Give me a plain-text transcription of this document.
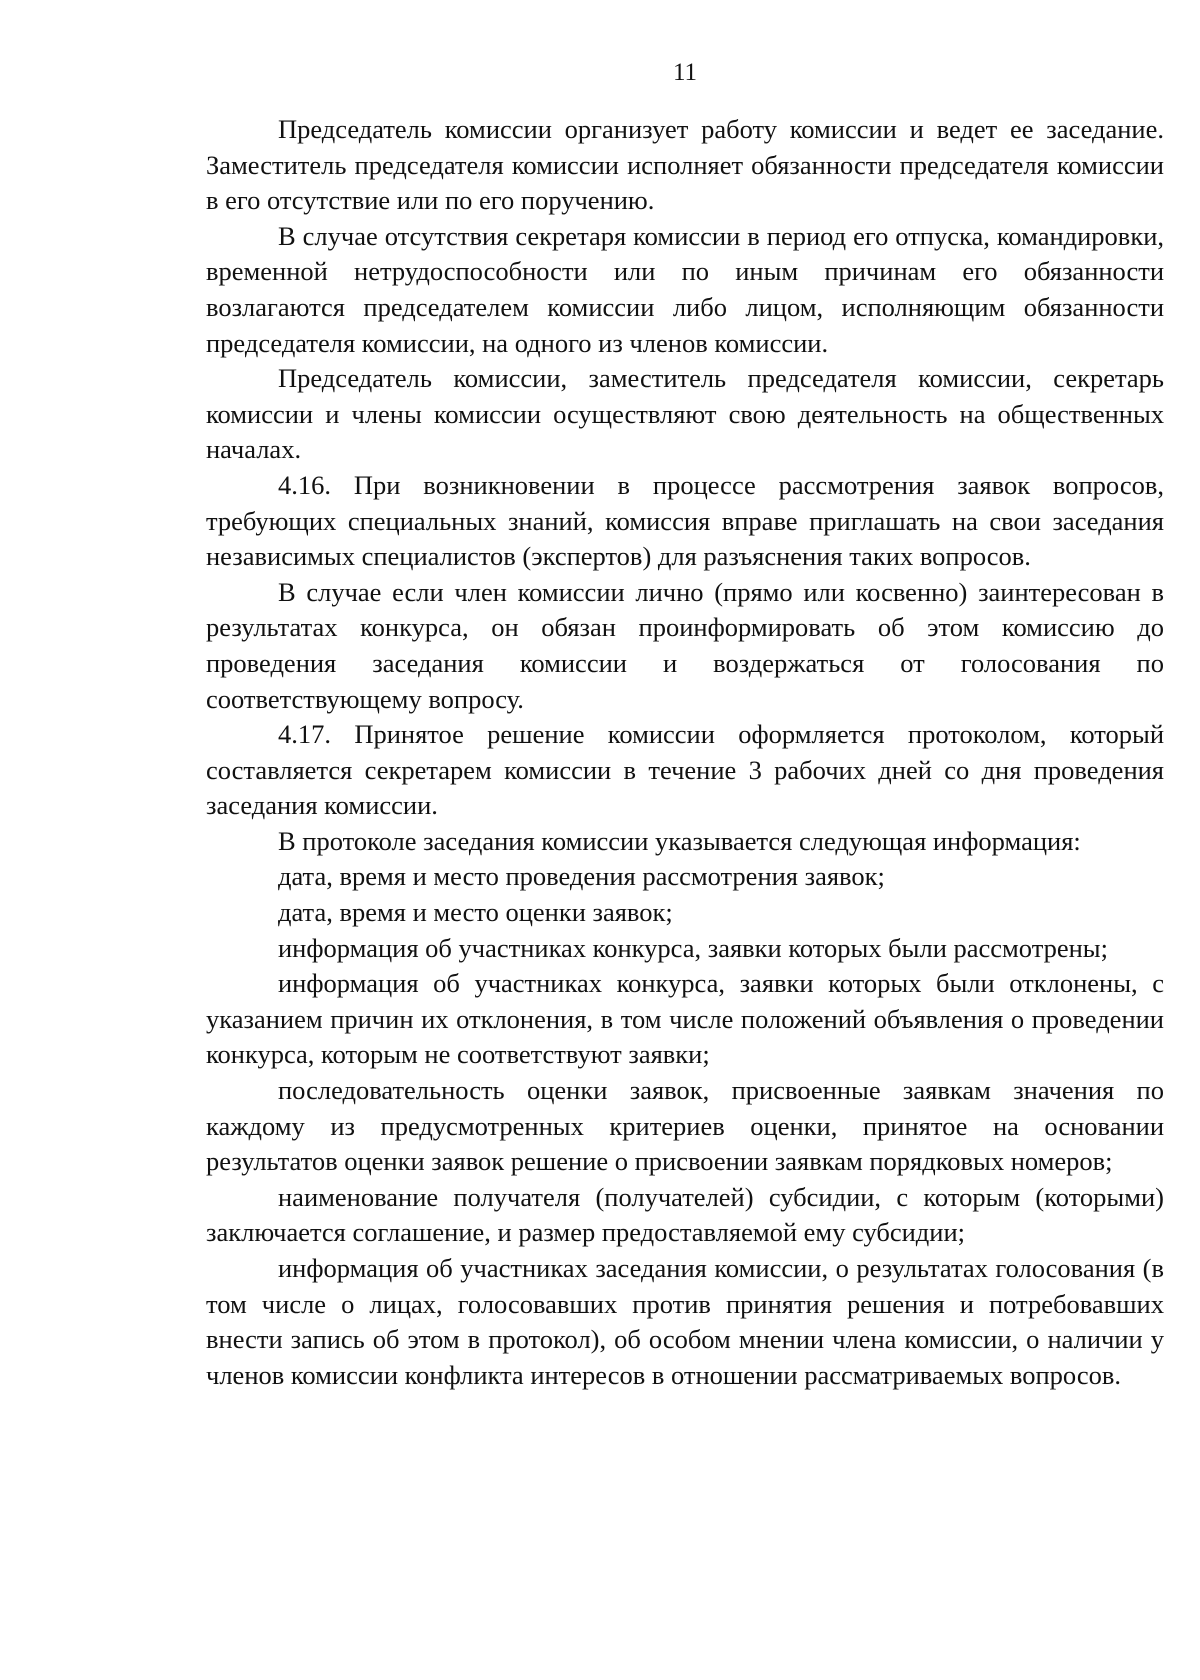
11

Председатель комиссии организует работу комиссии и ведет ее заседание. Заместитель председателя комиссии исполняет обязанности председателя комиссии в его отсутствие или по его поручению.

В случае отсутствия секретаря комиссии в период его отпуска, командировки, временной нетрудоспособности или по иным причинам его обязанности возлагаются председателем комиссии либо лицом, исполняющим обязанности председателя комиссии, на одного из членов комиссии.

Председатель комиссии, заместитель председателя комиссии, секретарь комиссии и члены комиссии осуществляют свою деятельность на общественных началах.

4.16. При возникновении в процессе рассмотрения заявок вопросов, требующих специальных знаний, комиссия вправе приглашать на свои заседания независимых специалистов (экспертов) для разъяснения таких вопросов.

В случае если член комиссии лично (прямо или косвенно) заинтересован в результатах конкурса, он обязан проинформировать об этом комиссию до проведения заседания комиссии и воздержаться от голосования по соответствующему вопросу.

4.17. Принятое решение комиссии оформляется протоколом, который составляется секретарем комиссии в течение 3 рабочих дней со дня проведения заседания комиссии.

В протоколе заседания комиссии указывается следующая информация:

дата, время и место проведения рассмотрения заявок;

дата, время и место оценки заявок;

информация об участниках конкурса, заявки которых были рассмотрены;

информация об участниках конкурса, заявки которых были отклонены, с указанием причин их отклонения, в том числе положений объявления о проведении конкурса, которым не соответствуют заявки;

последовательность оценки заявок, присвоенные заявкам значения по каждому из предусмотренных критериев оценки, принятое на основании результатов оценки заявок решение о присвоении заявкам порядковых номеров;

наименование получателя (получателей) субсидии, с которым (которыми) заключается соглашение, и размер предоставляемой ему субсидии;

информация об участниках заседания комиссии, о результатах голосования (в том числе о лицах, голосовавших против принятия решения и потребовавших внести запись об этом в протокол), об особом мнении члена комиссии, о наличии у членов комиссии конфликта интересов в отношении рассматриваемых вопросов.
